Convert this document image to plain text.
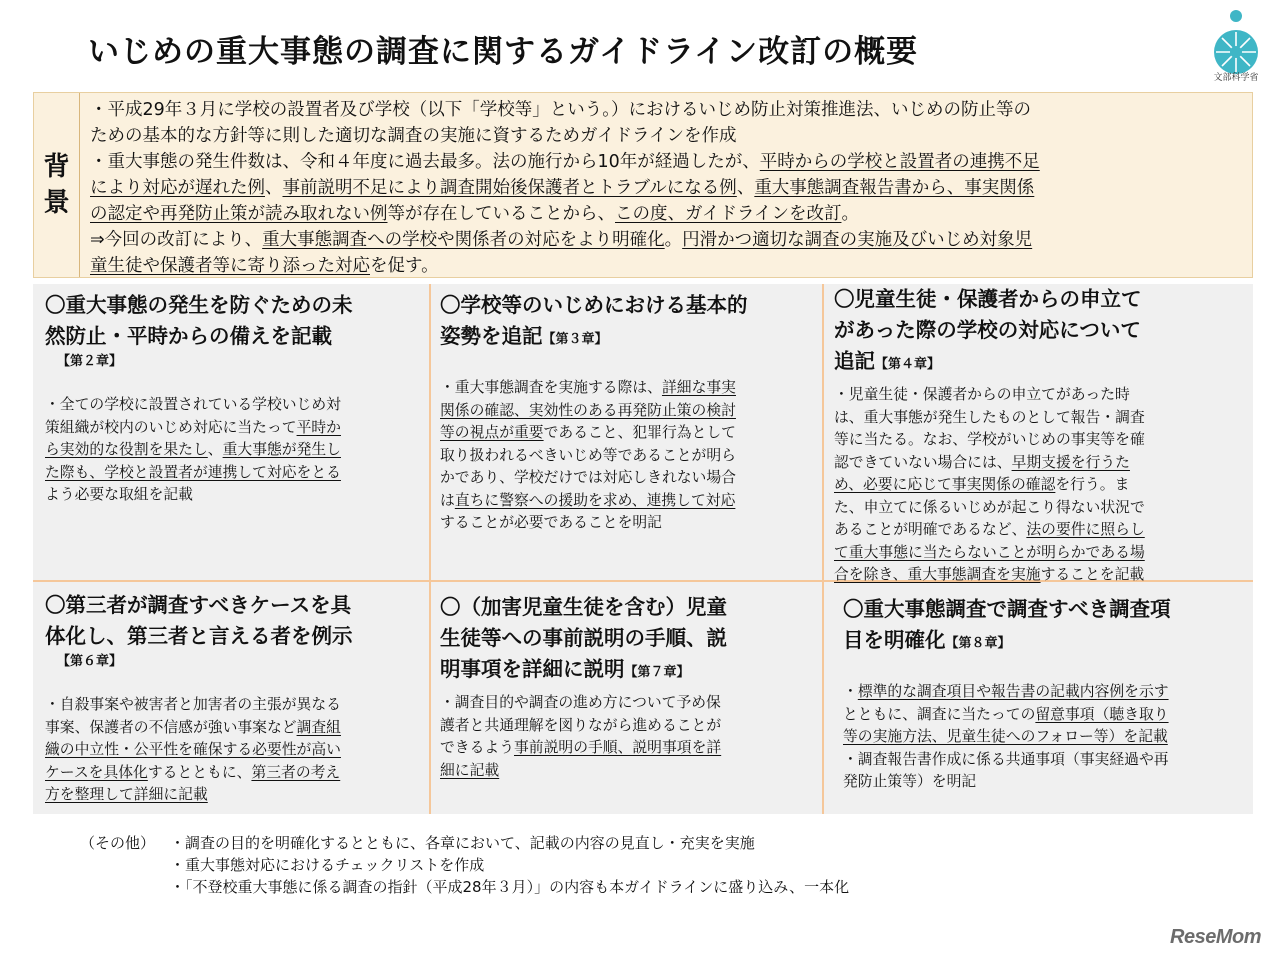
いじめの重大事態の調査に関するガイドライン改訂の概要
文部科学省
背
景

・平成29年３月に学校の設置者及び学校（以下「学校等」という。）におけるいじめ防止対策推進法、いじめの防止等の

ための基本的な方針等に則した適切な調査の実施に資するためガイドラインを作成

・重大事態の発生件数は、令和４年度に過去最多。法の施行から10年が経過したが、平時からの学校と設置者の連携不足

により対応が遅れた例、事前説明不足により調査開始後保護者とトラブルになる例、重大事態調査報告書から、事実関係

の認定や再発防止策が読み取れない例等が存在していることから、この度、ガイドラインを改訂。

⇒今回の改訂により、重大事態調査への学校や関係者の対応をより明確化。円滑かつ適切な調査の実施及びいじめ対象児

童生徒や保護者等に寄り添った対応を促す。

〇重大事態の発生を防ぐための未
然防止・平時からの備えを記載
【第２章】

・全ての学校に設置されている学校いじめ対

策組織が校内のいじめ対応に当たって平時か

ら実効的な役割を果たし、重大事態が発生し

た際も、学校と設置者が連携して対応をとる

よう必要な取組を記載

〇学校等のいじめにおける基本的
姿勢を追記【第３章】

・重大事態調査を実施する際は、詳細な事実

関係の確認、実効性のある再発防止策の検討

等の視点が重要であること、犯罪行為として

取り扱われるべきいじめ等であることが明ら

かであり、学校だけでは対応しきれない場合

は直ちに警察への援助を求め、連携して対応

することが必要であることを明記

〇児童生徒・保護者からの申立て
があった際の学校の対応について
追記【第４章】

・児童生徒・保護者からの申立てがあった時

は、重大事態が発生したものとして報告・調査

等に当たる。なお、学校がいじめの事実等を確

認できていない場合には、早期支援を行うた

め、必要に応じて事実関係の確認を行う。ま

た、申立てに係るいじめが起こり得ない状況で

あることが明確であるなど、法の要件に照らし

て重大事態に当たらないことが明らかである場

合を除き、重大事態調査を実施することを記載

〇第三者が調査すべきケースを具
体化し、第三者と言える者を例示
【第６章】

・自殺事案や被害者と加害者の主張が異なる

事案、保護者の不信感が強い事案など調査組

織の中立性・公平性を確保する必要性が高い

ケースを具体化するとともに、第三者の考え

方を整理して詳細に記載

〇（加害児童生徒を含む）児童
生徒等への事前説明の手順、説
明事項を詳細に説明【第７章】

・調査目的や調査の進め方について予め保

護者と共通理解を図りながら進めることが

できるよう事前説明の手順、説明事項を詳

細に記載

〇重大事態調査で調査すべき調査項
目を明確化【第８章】

・標準的な調査項目や報告書の記載内容例を示す

とともに、調査に当たっての留意事項（聴き取り

等の実施方法、児童生徒へのフォロー等）を記載

・調査報告書作成に係る共通事項（事実経過や再

発防止策等）を明記

（その他） ・調査の目的を明確化するとともに、各章において、記載の内容の見直し・充実を実施
・重大事態対応におけるチェックリストを作成
・「不登校重大事態に係る調査の指針（平成28年３月）」の内容も本ガイドラインに盛り込み、一本化
ReseMom
